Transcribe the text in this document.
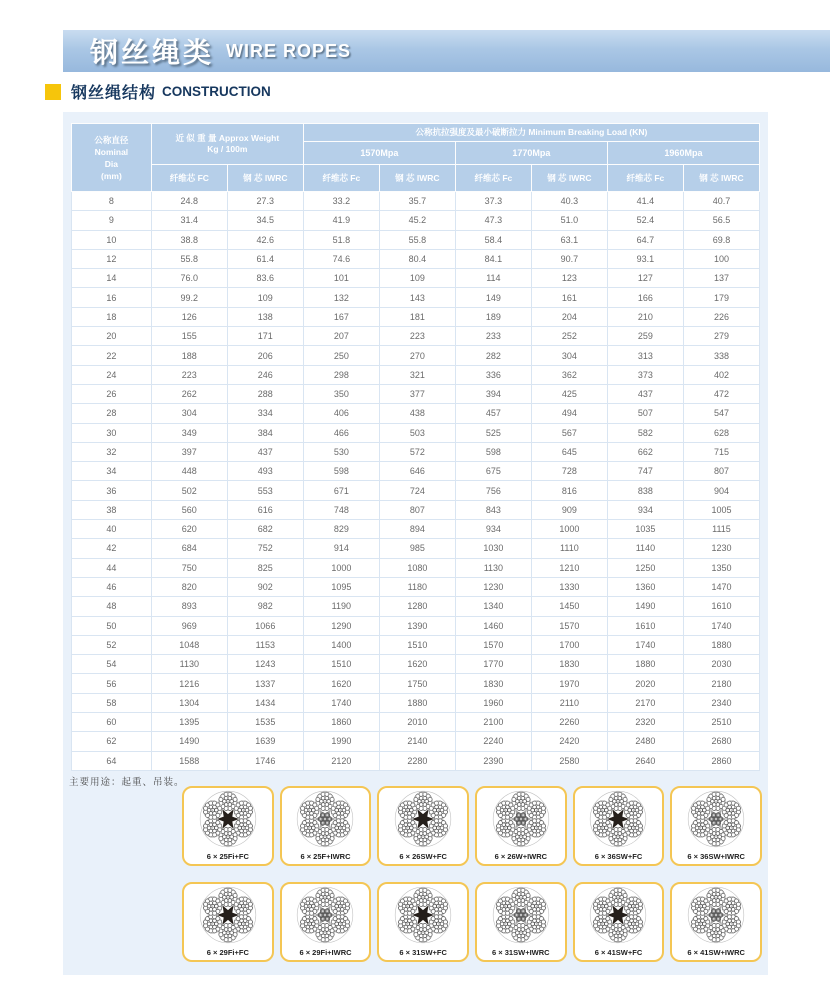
钢丝绳类 WIRE ROPES
钢丝绳结构 CONSTRUCTION
公称直径
Nominal
Dia
(mm)

近 似 重 量 Approx Weight
Kg / 100m
	公称抗拉强度及最小破断拉力 Minimum Breaking Load (KN)
			1570Mpa		1770Mpa		1960Mpa	
	纤维芯 FC	钢 芯 IWRC	纤维芯 Fc	钢 芯 IWRC	纤维芯 Fc	钢 芯 IWRC	纤维芯 Fc	钢 芯 IWRC
8	24.8	27.3	33.2	35.7	37.3	40.3	41.4	40.7
9	31.4	34.5	41.9	45.2	47.3	51.0	52.4	56.5
10	38.8	42.6	51.8	55.8	58.4	63.1	64.7	69.8
12	55.8	61.4	74.6	80.4	84.1	90.7	93.1	100
14	76.0	83.6	101	109	114	123	127	137
16	99.2	109	132	143	149	161	166	179
18	126	138	167	181	189	204	210	226
20	155	171	207	223	233	252	259	279
22	188	206	250	270	282	304	313	338
24	223	246	298	321	336	362	373	402
26	262	288	350	377	394	425	437	472
28	304	334	406	438	457	494	507	547
30	349	384	466	503	525	567	582	628
32	397	437	530	572	598	645	662	715
34	448	493	598	646	675	728	747	807
36	502	553	671	724	756	816	838	904
38	560	616	748	807	843	909	934	1005
40	620	682	829	894	934	1000	1035	1115
42	684	752	914	985	1030	1110	1140	1230
44	750	825	1000	1080	1130	1210	1250	1350
46	820	902	1095	1180	1230	1330	1360	1470
48	893	982	1190	1280	1340	1450	1490	1610
50	969	1066	1290	1390	1460	1570	1610	1740
52	1048	1153	1400	1510	1570	1700	1740	1880
54	1130	1243	1510	1620	1770	1830	1880	2030
56	1216	1337	1620	1750	1830	1970	2020	2180
58	1304	1434	1740	1880	1960	2110	2170	2340
60	1395	1535	1860	2010	2100	2260	2320	2510
62	1490	1639	1990	2140	2240	2420	2480	2680
64	1588	1746	2120	2280	2390	2580	2640	2860
主要用途：起重、吊装。
6 × 25Fi+FC	6 × 25F+IWRC	6 × 26SW+FC	6 × 26W+IWRC	6 × 36SW+FC	6 × 36SW+IWRC
6 × 29Fi+FC	6 × 29Fi+IWRC	6 × 31SW+FC	6 × 31SW+IWRC	6 × 41SW+FC	6 × 41SW+IWRC
